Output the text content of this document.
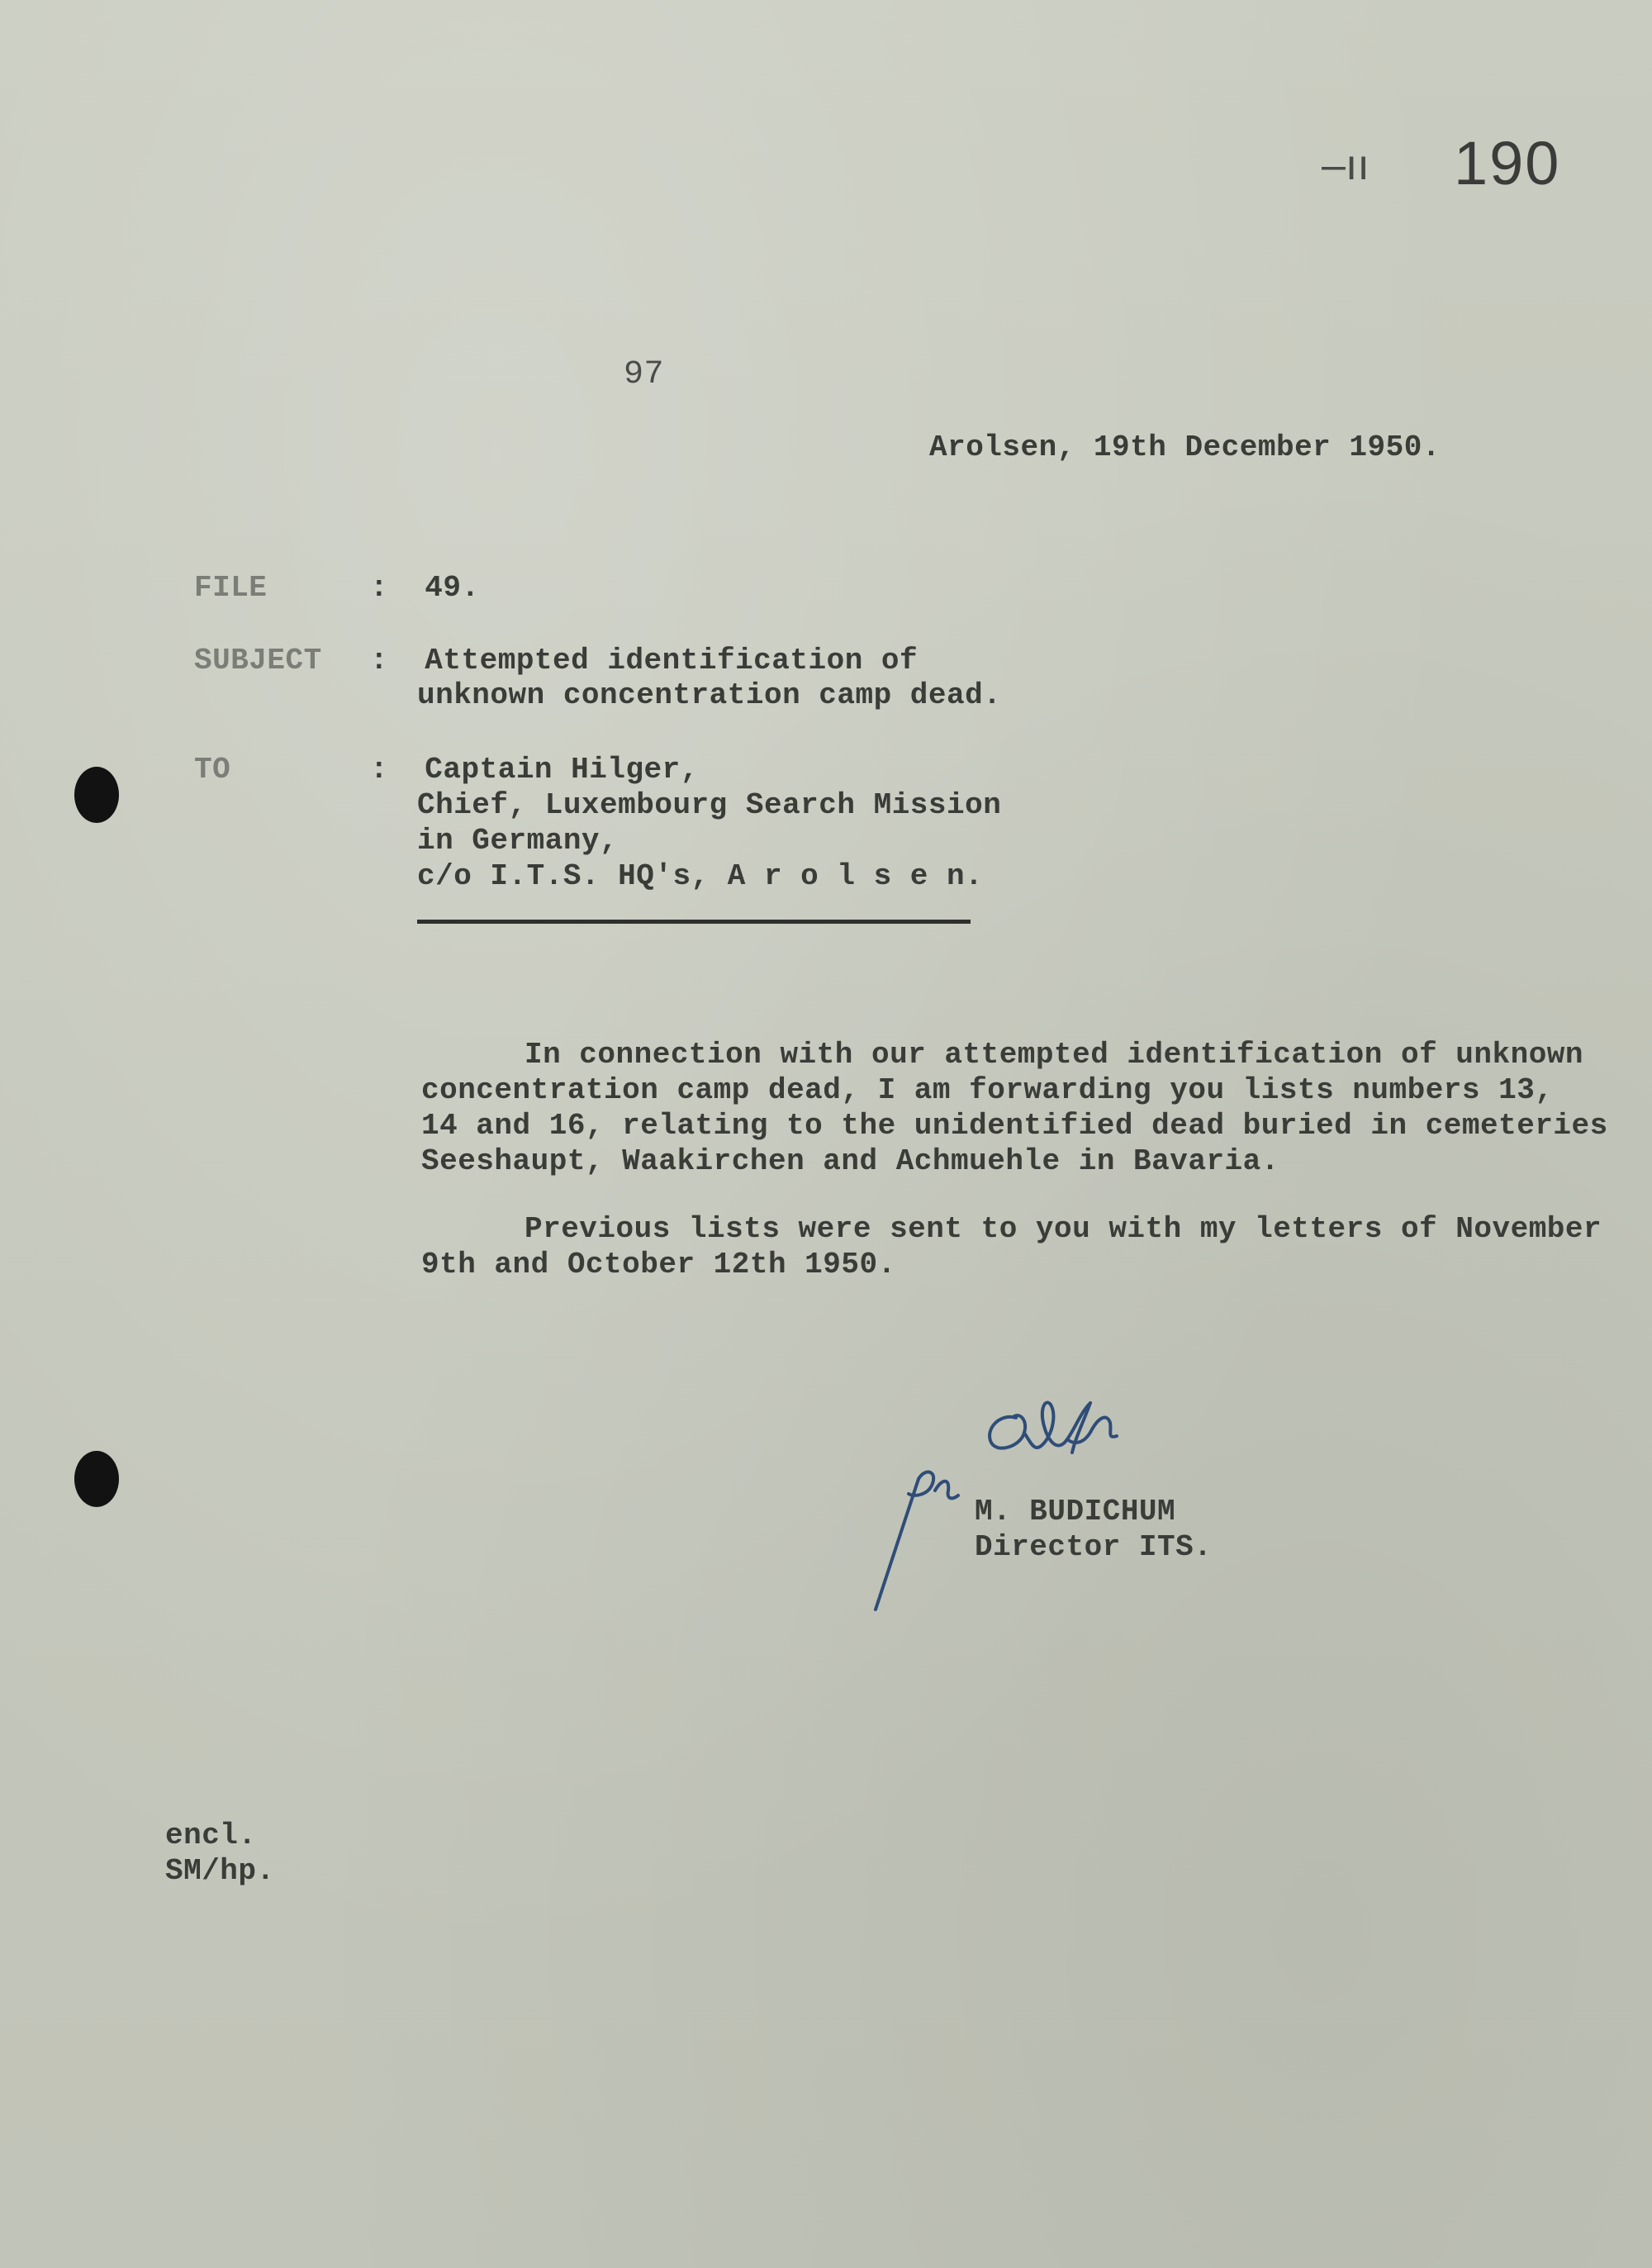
–ıı 190
97
Arolsen, 19th December 1950.
FILE	:  49.
SUBJECT :  Attempted identification of
unknown concentration camp dead.
TO	:  Captain Hilger,
Chief, Luxembourg Search Mission
in Germany,
c/o I.T.S. HQ's, A r o l s e n.
In connection with our attempted identification of unknown
concentration camp dead, I am forwarding you lists numbers 13,
14 and 16, relating to the unidentified dead buried in cemeteries
Seeshaupt, Waakirchen and Achmuehle in Bavaria.
Previous lists were sent to you with my letters of November
9th and October 12th 1950.
M. BUDICHUM
Director ITS.
encl.
SM/hp.
